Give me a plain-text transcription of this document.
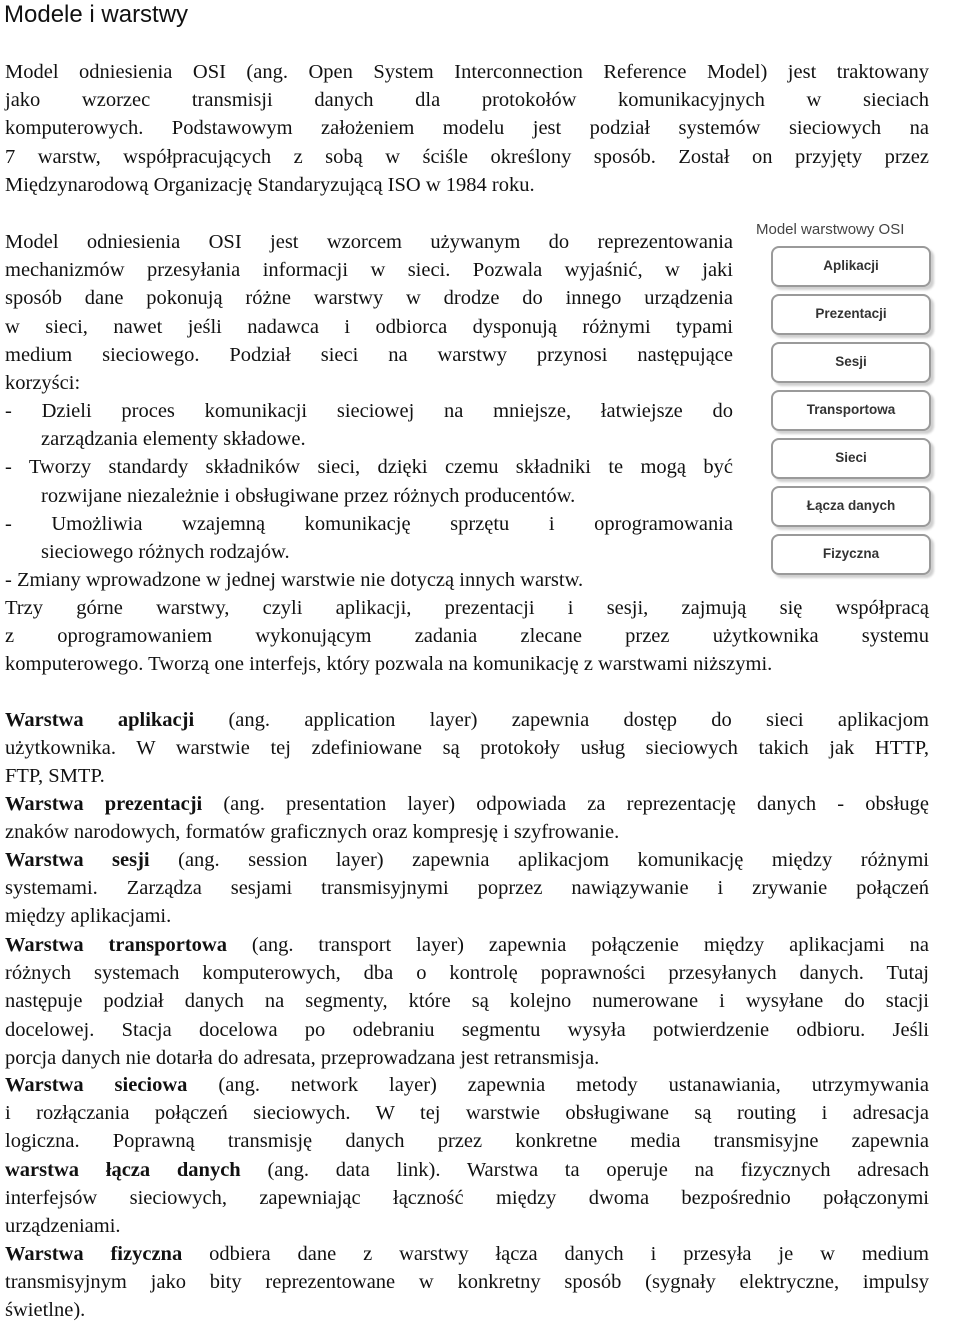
Modele i warstwy
Model odniesienia OSI (ang. Open System Interconnection Reference Model) jest traktowany
jako wzorzec transmisji danych dla protokołów komunikacyjnych w sieciach
komputerowych. Podstawowym założeniem modelu jest podział systemów sieciowych na
7 warstw, współpracujących z sobą w ściśle określony sposób. Został on przyjęty przez
Międzynarodową Organizację Standaryzującą ISO w 1984 roku.
Model odniesienia OSI jest wzorcem używanym do reprezentowania
mechanizmów przesyłania informacji w sieci. Pozwala wyjaśnić, w jaki
sposób dane pokonują różne warstwy w drodze do innego urządzenia
w sieci, nawet jeśli nadawca i odbiorca dysponują różnymi typami
medium sieciowego. Podział sieci na warstwy przynosi następujące
korzyści:
- Dzieli proces komunikacji sieciowej na mniejsze, łatwiejsze do
zarządzania elementy składowe.
- Tworzy standardy składników sieci, dzięki czemu składniki te mogą być
rozwijane niezależnie i obsługiwane przez różnych producentów.
- Umożliwia wzajemną komunikację sprzętu i oprogramowania
sieciowego różnych rodzajów.
- Zmiany wprowadzone w jednej warstwie nie dotyczą innych warstw.
Trzy górne warstwy, czyli aplikacji, prezentacji i sesji, zajmują się współpracą
z oprogramowaniem wykonującym zadania zlecane przez użytkownika systemu
komputerowego. Tworzą one interfejs, który pozwala na komunikację z warstwami niższymi.
Model warstwowy OSI
Aplikacji
Prezentacji
Sesji
Transportowa
Sieci
Łącza danych
Fizyczna
Warstwa aplikacji (ang. application layer) zapewnia dostęp do sieci aplikacjom
użytkownika. W warstwie tej zdefiniowane są protokoły usług sieciowych takich jak HTTP,
FTP, SMTP.
Warstwa prezentacji (ang. presentation layer) odpowiada za reprezentację danych - obsługę
znaków narodowych, formatów graficznych oraz kompresję i szyfrowanie.
Warstwa sesji (ang. session layer) zapewnia aplikacjom komunikację między różnymi
systemami. Zarządza sesjami transmisyjnymi poprzez nawiązywanie i zrywanie połączeń
między aplikacjami.
Warstwa transportowa (ang. transport layer) zapewnia połączenie między aplikacjami na
różnych systemach komputerowych, dba o kontrolę poprawności przesyłanych danych. Tutaj
następuje podział danych na segmenty, które są kolejno numerowane i wysyłane do stacji
docelowej. Stacja docelowa po odebraniu segmentu wysyła potwierdzenie odbioru. Jeśli
porcja danych nie dotarła do adresata, przeprowadzana jest retransmisja.
Warstwa sieciowa (ang. network layer) zapewnia metody ustanawiania, utrzymywania
i rozłączania połączeń sieciowych. W tej warstwie obsługiwane są routing i adresacja
logiczna. Poprawną transmisję danych przez konkretne media transmisyjne zapewnia
warstwa łącza danych (ang. data link). Warstwa ta operuje na fizycznych adresach
interfejsów sieciowych, zapewniając łączność między dwoma bezpośrednio połączonymi
urządzeniami.
Warstwa fizyczna odbiera dane z warstwy łącza danych i przesyła je w medium
transmisyjnym jako bity reprezentowane w konkretny sposób (sygnały elektryczne, impulsy
świetlne).
